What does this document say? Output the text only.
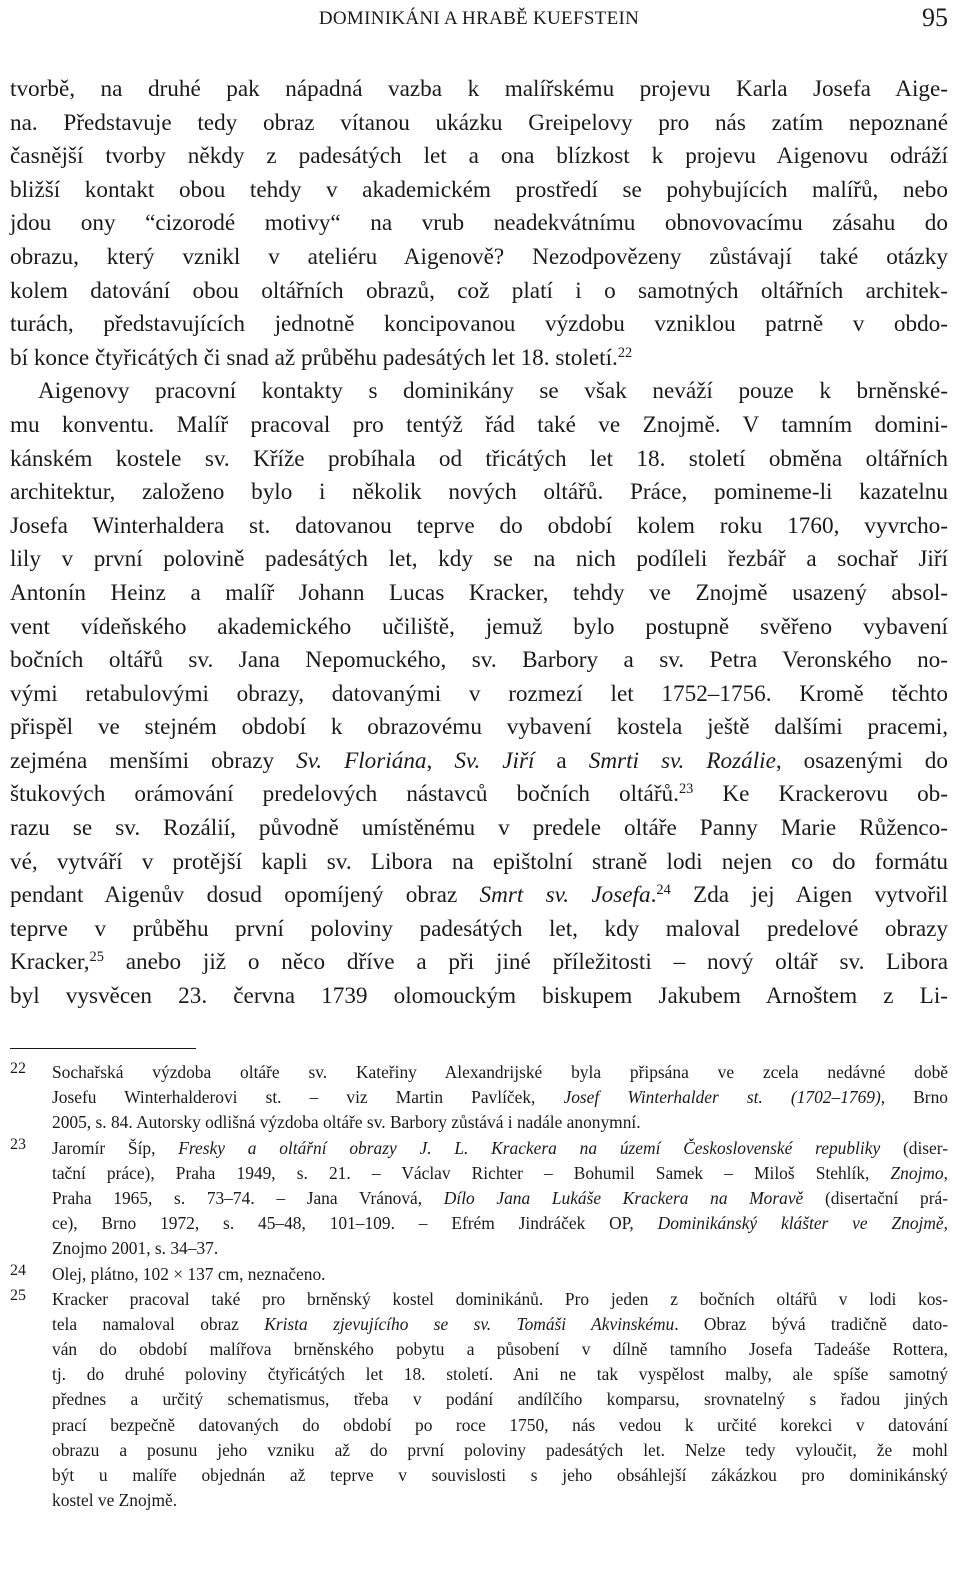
DOMINIKÁNI A HRABĚ KUEFSTEIN	95
tvorbě, na druhé pak nápadná vazba k malířskému projevu Karla Josefa Aige-
na. Představuje tedy obraz vítanou ukázku Greipelovy pro nás zatím nepoznané
časnější tvorby někdy z padesátých let a ona blízkost k projevu Aigenovu odráží
bližší kontakt obou tehdy v akademickém prostředí se pohybujících malířů, nebo
jdou ony “cizorodé motivy“ na vrub neadekvátnímu obnovovacímu zásahu do
obrazu, který vznikl v ateliéru Aigenově? Nezodpovězeny zůstávají také otázky
kolem datování obou oltářních obrazů, což platí i o samotných oltářních architek-
turách, představujících jednotně koncipovanou výzdobu vzniklou patrně v obdo-
bí konce čtyřicátých či snad až průběhu padesátých let 18. století.$^{22}$
Aigenovy pracovní kontakty s dominikány se však neváží pouze k brněnské-
mu konventu. Malíř pracoval pro tentýž řád také ve Znojmě. V tamním domini-
kánském kostele sv. Kříže probíhala od třicátých let 18. století obměna oltářních
architektur, založeno bylo i několik nových oltářů. Práce, pomineme-li kazatelnu
Josefa Winterhaldera st. datovanou teprve do období kolem roku 1760, vyvrcho-
lily v první polovině padesátých let, kdy se na nich podíleli řezbář a sochař Jiří
Antonín Heinz a malíř Johann Lucas Kracker, tehdy ve Znojmě usazený absol-
vent vídeňského akademického učiliště, jemuž bylo postupně svěřeno vybavení
bočních oltářů sv. Jana Nepomuckého, sv. Barbory a sv. Petra Veronského no-
vými retabulovými obrazy, datovanými v rozmezí let 1752–1756. Kromě těchto
přispěl ve stejném období k obrazovému vybavení kostela ještě dalšími pracemi,
zejména menšími obrazy Sv. Floriána, Sv. Jiří a Smrti sv. Rozálie, osazenými do
štukových orámování predelových nástavců bočních oltářů.$^{23}$ Ke Krackerovu ob-
razu se sv. Rozálií, původně umístěnému v predele oltáře Panny Marie Růženco-
vé, vytváří v protější kapli sv. Libora na epištolní straně lodi nejen co do formátu
pendant Aigenův dosud opomíjený obraz Smrt sv. Josefa.$^{24}$ Zda jej Aigen vytvořil
teprve v průběhu první poloviny padesátých let, kdy maloval predelové obrazy
Kracker,$^{25}$ anebo již o něco dříve a při jiné příležitosti – nový oltář sv. Libora
byl vysvěcen 23. června 1739 olomouckým biskupem Jakubem Arnoštem z Li-
22 Sochařská výzdoba oltáře sv. Kateřiny Alexandrijské byla připsána ve zcela nedávné době
Josefu Winterhalderovi st. – viz Martin Pavlíček, Josef Winterhalder st. (1702–1769), Brno
2005, s. 84. Autorsky odlišná výzdoba oltáře sv. Barbory zůstává i nadále anonymní.
23 Jaromír Šíp, Fresky a oltářní obrazy J. L. Krackera na území Československé republiky (diser-
tační práce), Praha 1949, s. 21. – Václav Richter – Bohumil Samek – Miloš Stehlík, Znojmo,
Praha 1965, s. 73–74. – Jana Vránová, Dílo Jana Lukáše Krackera na Moravě (disertační prá-
ce), Brno 1972, s. 45–48, 101–109. – Efrém Jindráček OP, Dominikánský klášter ve Znojmě,
Znojmo 2001, s. 34–37.
24 Olej, plátno, 102 × 137 cm, neznačeno.
25 Kracker pracoval také pro brněnský kostel dominikánů. Pro jeden z bočních oltářů v lodi kos-
tela namaloval obraz Krista zjevujícího se sv. Tomáši Akvinskému. Obraz bývá tradičně dato-
ván do období malířova brněnského pobytu a působení v dílně tamního Josefa Tadeáše Rottera,
tj. do druhé poloviny čtyřicátých let 18. století. Ani ne tak vyspělost malby, ale spíše samotný
přednes a určitý schematismus, třeba v podání andílčího komparsu, srovnatelný s řadou jiných
prací bezpečně datovaných do období po roce 1750, nás vedou k určité korekci v datování
obrazu a posunu jeho vzniku až do první poloviny padesátých let. Nelze tedy vyloučit, že mohl
být u malíře objednán až teprve v souvislosti s jeho obsáhlejší zákázkou pro dominikánský
kostel ve Znojmě.
